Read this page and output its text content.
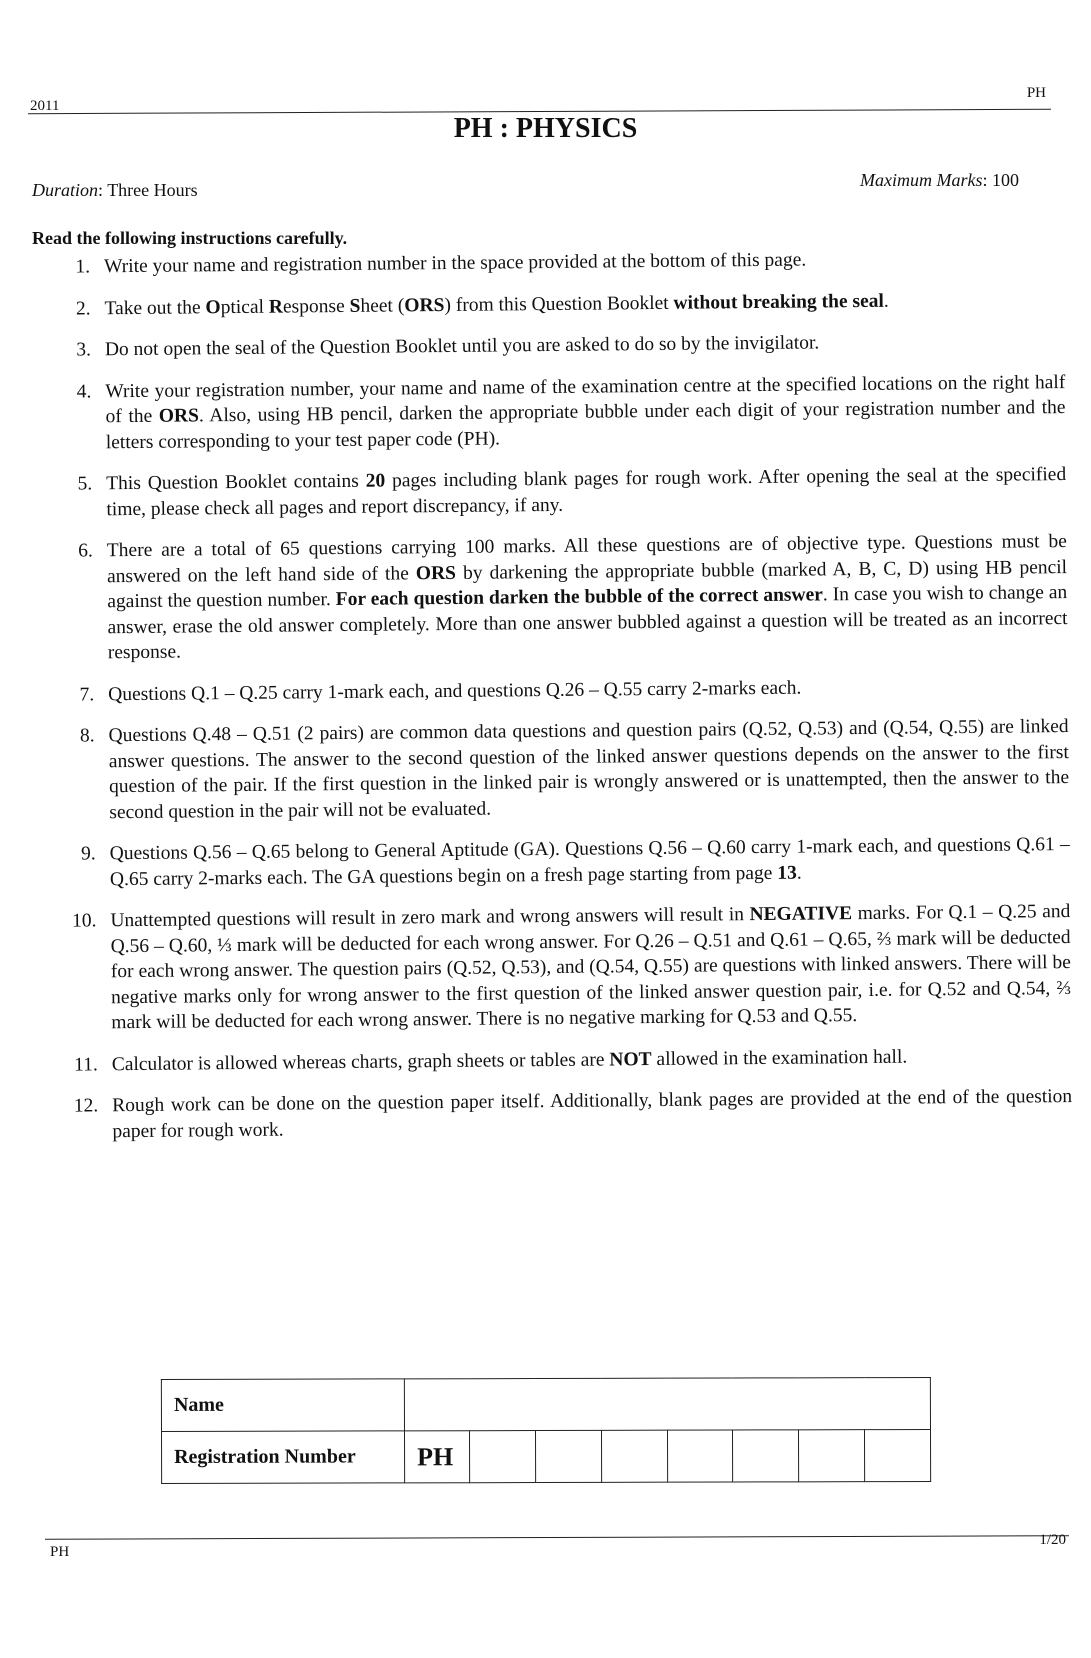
2011
PH
PH : PHYSICS
Duration: Three Hours	Maximum Marks: 100
Read the following instructions carefully.
1. Write your name and registration number in the space provided at the bottom of this page.
2. Take out the Optical Response Sheet (ORS) from this Question Booklet without breaking the seal.
3. Do not open the seal of the Question Booklet until you are asked to do so by the invigilator.
4. Write your registration number, your name and name of the examination centre at the specified locations on the right half of the ORS. Also, using HB pencil, darken the appropriate bubble under each digit of your registration number and the letters corresponding to your test paper code (PH).
5. This Question Booklet contains 20 pages including blank pages for rough work. After opening the seal at the specified time, please check all pages and report discrepancy, if any.
6. There are a total of 65 questions carrying 100 marks. All these questions are of objective type. Questions must be answered on the left hand side of the ORS by darkening the appropriate bubble (marked A, B, C, D) using HB pencil against the question number. For each question darken the bubble of the correct answer. In case you wish to change an answer, erase the old answer completely. More than one answer bubbled against a question will be treated as an incorrect response.
7. Questions Q.1 – Q.25 carry 1-mark each, and questions Q.26 – Q.55 carry 2-marks each.
8. Questions Q.48 – Q.51 (2 pairs) are common data questions and question pairs (Q.52, Q.53) and (Q.54, Q.55) are linked answer questions. The answer to the second question of the linked answer questions depends on the answer to the first question of the pair. If the first question in the linked pair is wrongly answered or is unattempted, then the answer to the second question in the pair will not be evaluated.
9. Questions Q.56 – Q.65 belong to General Aptitude (GA). Questions Q.56 – Q.60 carry 1-mark each, and questions Q.61 – Q.65 carry 2-marks each. The GA questions begin on a fresh page starting from page 13.
10. Unattempted questions will result in zero mark and wrong answers will result in NEGATIVE marks. For Q.1 – Q.25 and Q.56 – Q.60, ⅓ mark will be deducted for each wrong answer. For Q.26 – Q.51 and Q.61 – Q.65, ⅔ mark will be deducted for each wrong answer. The question pairs (Q.52, Q.53), and (Q.54, Q.55) are questions with linked answers. There will be negative marks only for wrong answer to the first question of the linked answer question pair, i.e. for Q.52 and Q.54, ⅔ mark will be deducted for each wrong answer. There is no negative marking for Q.53 and Q.55.
11. Calculator is allowed whereas charts, graph sheets or tables are NOT allowed in the examination hall.
12. Rough work can be done on the question paper itself. Additionally, blank pages are provided at the end of the question paper for rough work.
Name								
Registration Number	PH							
PH
1/20
